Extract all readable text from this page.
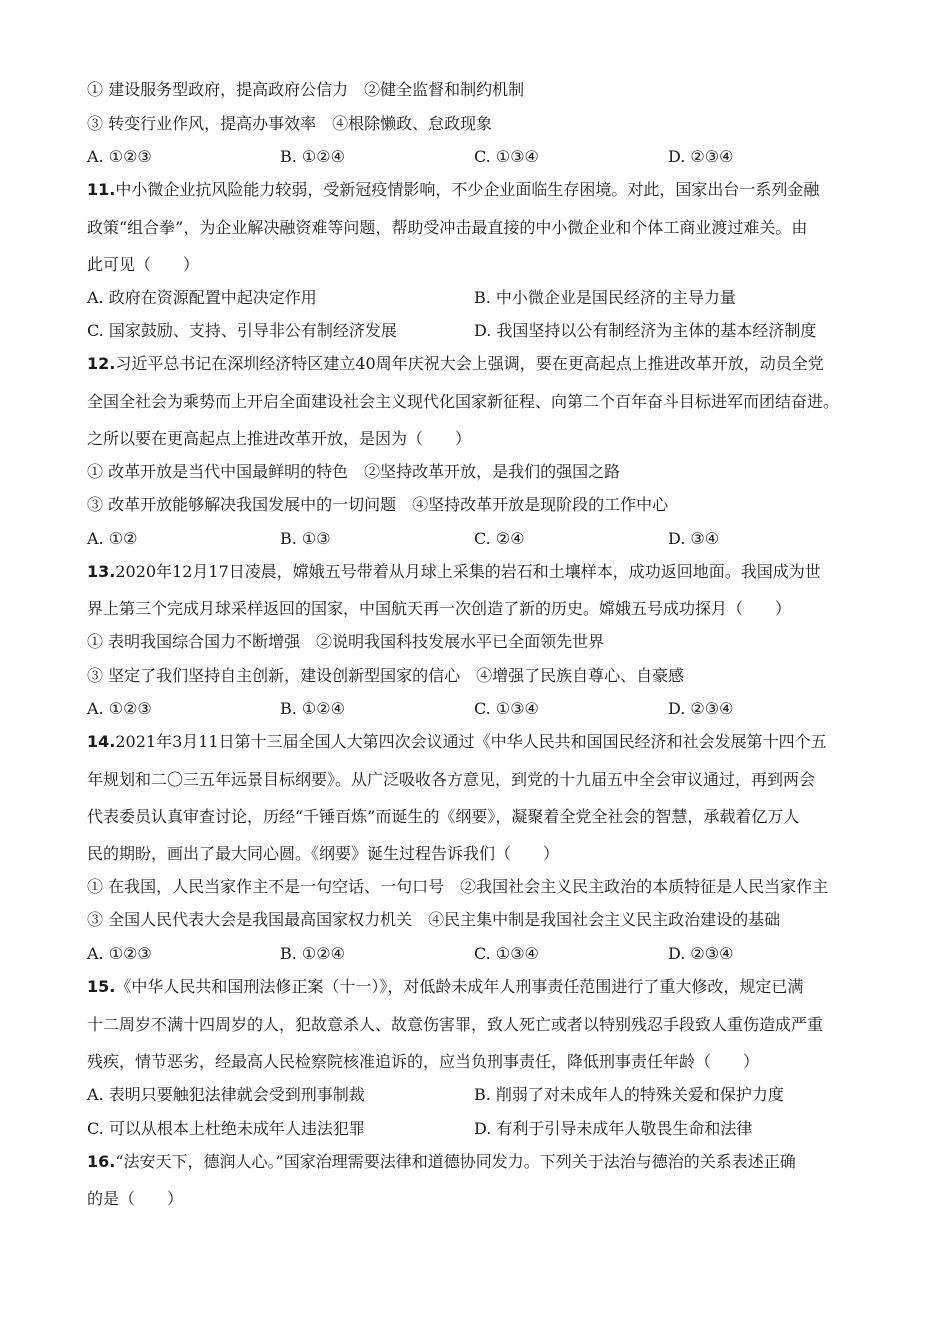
① 建设服务型政府，提高政府公信力　②健全监督和制约机制
③ 转变行业作风，提高办事效率　④根除懒政、怠政现象
A. ①②③	B. ①②④	C. ①③④	D. ②③④
11.中小微企业抗风险能力较弱，受新冠疫情影响，不少企业面临生存困境。对此，国家出台一系列金融
政策“组合拳”，为企业解决融资难等问题，帮助受冲击最直接的中小微企业和个体工商业渡过难关。由
此可见（　　）
A. 政府在资源配置中起决定作用	B. 中小微企业是国民经济的主导力量
C. 国家鼓励、支持、引导非公有制经济发展	D. 我国坚持以公有制经济为主体的基本经济制度
12.习近平总书记在深圳经济特区建立40周年庆祝大会上强调，要在更高起点上推进改革开放，动员全党
全国全社会为乘势而上开启全面建设社会主义现代化国家新征程、向第二个百年奋斗目标进军而团结奋进。
之所以要在更高起点上推进改革开放，是因为（　　）
① 改革开放是当代中国最鲜明的特色　②坚持改革开放，是我们的强国之路
③ 改革开放能够解决我国发展中的一切问题　④坚持改革开放是现阶段的工作中心
A. ①②	B. ①③	C. ②④	D. ③④
13.2020年12月17日凌晨，嫦娥五号带着从月球上采集的岩石和土壤样本，成功返回地面。我国成为世
界上第三个完成月球采样返回的国家，中国航天再一次创造了新的历史。嫦娥五号成功探月（　　）
① 表明我国综合国力不断增强　②说明我国科技发展水平已全面领先世界
③ 坚定了我们坚持自主创新，建设创新型国家的信心　④增强了民族自尊心、自豪感
A. ①②③	B. ①②④	C. ①③④	D. ②③④
14.2021年3月11日第十三届全国人大第四次会议通过《中华人民共和国国民经济和社会发展第十四个五
年规划和二〇三五年远景目标纲要》。从广泛吸收各方意见，到党的十九届五中全会审议通过，再到两会
代表委员认真审查讨论，历经“千锤百炼”而诞生的《纲要》，凝聚着全党全社会的智慧，承载着亿万人
民的期盼，画出了最大同心圆。《纲要》诞生过程告诉我们（　　）
① 在我国，人民当家作主不是一句空话、一句口号　②我国社会主义民主政治的本质特征是人民当家作主
③ 全国人民代表大会是我国最高国家权力机关　④民主集中制是我国社会主义民主政治建设的基础
A. ①②③	B. ①②④	C. ①③④	D. ②③④
15.《中华人民共和国刑法修正案（十一）》，对低龄未成年人刑事责任范围进行了重大修改，规定已满
十二周岁不满十四周岁的人，犯故意杀人、故意伤害罪，致人死亡或者以特别残忍手段致人重伤造成严重
残疾，情节恶劣，经最高人民检察院核准追诉的，应当负刑事责任，降低刑事责任年龄（　　）
A. 表明只要触犯法律就会受到刑事制裁	B. 削弱了对未成年人的特殊关爱和保护力度
C. 可以从根本上杜绝未成年人违法犯罪	D. 有利于引导未成年人敬畏生命和法律
16.“法安天下，德润人心。”国家治理需要法律和道德协同发力。下列关于法治与德治的关系表述正确
的是（　　）
